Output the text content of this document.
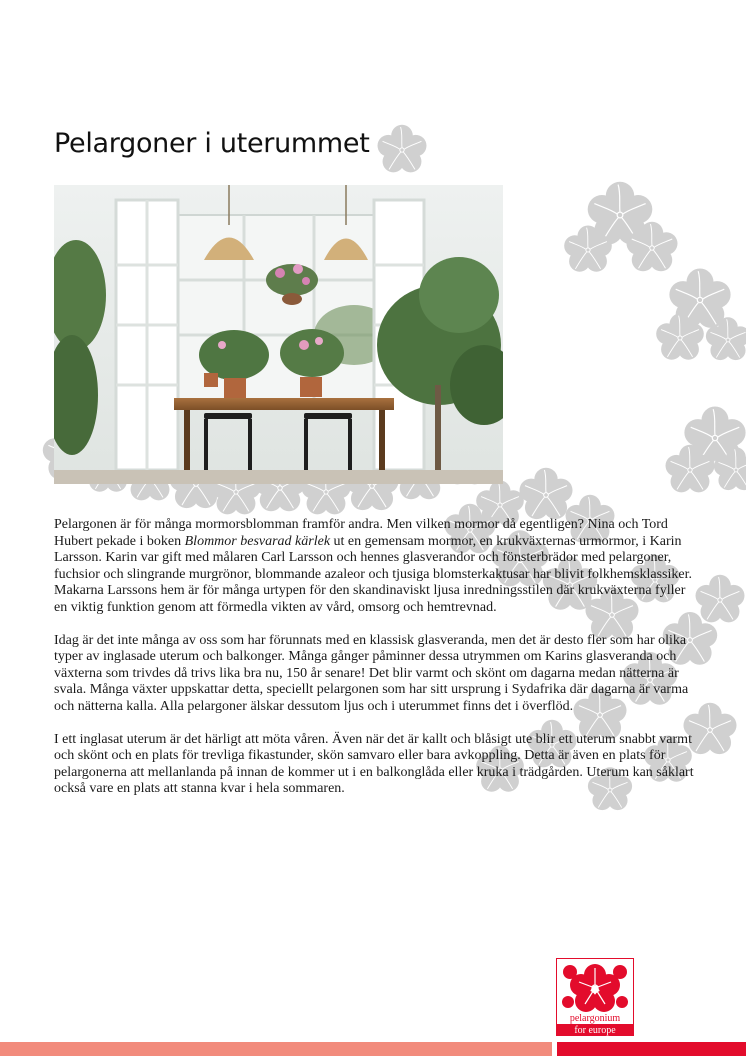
Pelargoner i uterummet

Pelargonen är för många mormorsblomman framför andra. Men vilken mormor då egentligen? Nina och Tord Hubert pekade i boken Blommor besvarad kärlek ut en gemensam mormor, en krukväxternas urmormor, i Karin Larsson. Karin var gift med målaren Carl Larsson och hennes glasverandor och fönsterbrädor med pelargoner, fuchsior och slingrande murgrönor, blommande azaleor och tjusiga blomsterkaktusar har blivit folkhemsklassiker. Makarna Larssons hem är för många urtypen för den skandinaviskt ljusa inredningsstilen där krukväxterna fyller en viktig funktion genom att förmedla vikten av vård, omsorg och hemtrevnad.

Idag är det inte många av oss som har förunnats med en klassisk glasveranda, men det är desto fler som har olika typer av inglasade uterum och balkonger. Många gånger påminner dessa utrymmen om Karins glasveranda och växterna som trivdes då trivs lika bra nu, 150 år senare! Det blir varmt och skönt om dagarna medan nätterna är svala. Många växter uppskattar detta, speciellt pelargonen som har sitt ursprung i Sydafrika där dagarna är varma och nätterna kalla. Alla pelargoner älskar dessutom ljus och i uterummet finns det i överflöd.

I ett inglasat uterum är det härligt att möta våren. Även när det är kallt och blåsigt ute blir ett uterum snabbt varmt och skönt och en plats för trevliga fikastunder, skön samvaro eller bara avkoppling. Detta är även en plats för pelargonerna att mellanlanda på innan de kommer ut i en balkonglåda eller kruka i trädgården. Uterum kan såklart också vare en plats att stanna kvar i hela sommaren.

pelargonium
for europe
